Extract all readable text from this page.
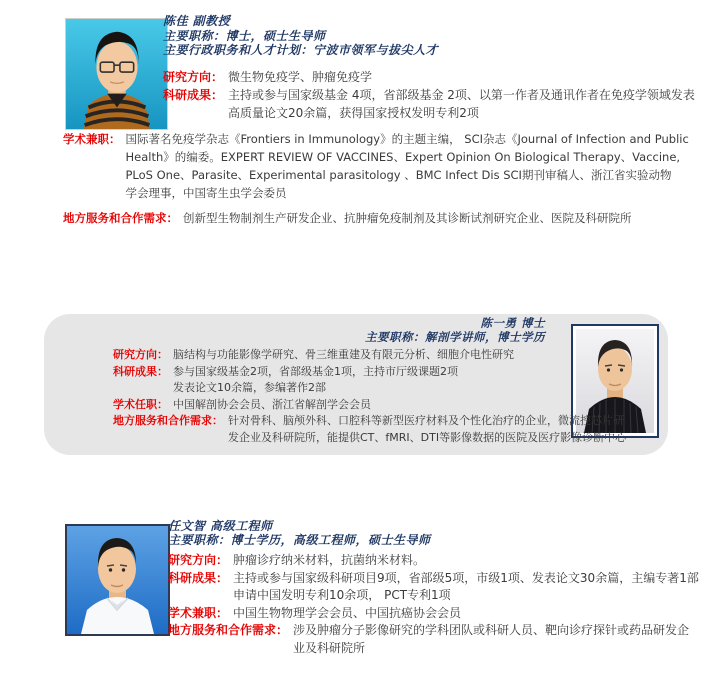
陈佳 副教授
主要职称：博士，硕士生导师
主要行政职务和人才计划：宁波市领军与拔尖人才
研究方向： 微生物免疫学、肿瘤免疫学
科研成果： 主持或参与国家级基金 4项，省部级基金 2项、以第一作者及通讯作者在免疫学领域发表
高质量论文20余篇，获得国家授权发明专利2项
学术兼职： 国际著名免疫学杂志《Frontiers in Immunology》的主题主编， SCI杂志《Journal of Infection and Public
Health》的编委。EXPERT REVIEW OF VACCINES、Expert Opinion On Biological Therapy、Vaccine,
PLoS One、Parasite、Experimental parasitology 、BMC Infect Dis SCI期刊审稿人、浙江省实验动物
学会理事，中国寄生虫学会委员
地方服务和合作需求： 创新型生物制剂生产研发企业、抗肿瘤免疫制剂及其诊断试剂研究企业、医院及科研院所
陈一勇 博士
主要职称：解剖学讲师，博士学历
研究方向： 脑结构与功能影像学研究、骨三维重建及有限元分析、细胞介电性研究
科研成果： 参与国家级基金2项，省部级基金1项，主持市厅级课题2项
发表论文10余篇，参编著作2部
学术任职： 中国解剖协会会员、浙江省解剖学会会员
地方服务和合作需求： 针对骨科、脑颅外科、口腔科等新型医疗材料及个性化治疗的企业，微流控芯片研
发企业及科研院所，能提供CT、fMRI、DTI等影像数据的医院及医疗影像诊断中心
任文智 高级工程师
主要职称：博士学历，高级工程师，硕士生导师
研究方向： 肿瘤诊疗纳米材料，抗菌纳米材料。
科研成果： 主持或参与国家级科研项目9项，省部级5项，市级1项、发表论文30余篇，主编专著1部
申请中国发明专利10余项， PCT专利1项
学术兼职： 中国生物物理学会会员、中国抗癌协会会员
地方服务和合作需求： 涉及肿瘤分子影像研究的学科团队或科研人员、靶向诊疗探针或药品研发企
业及科研院所
